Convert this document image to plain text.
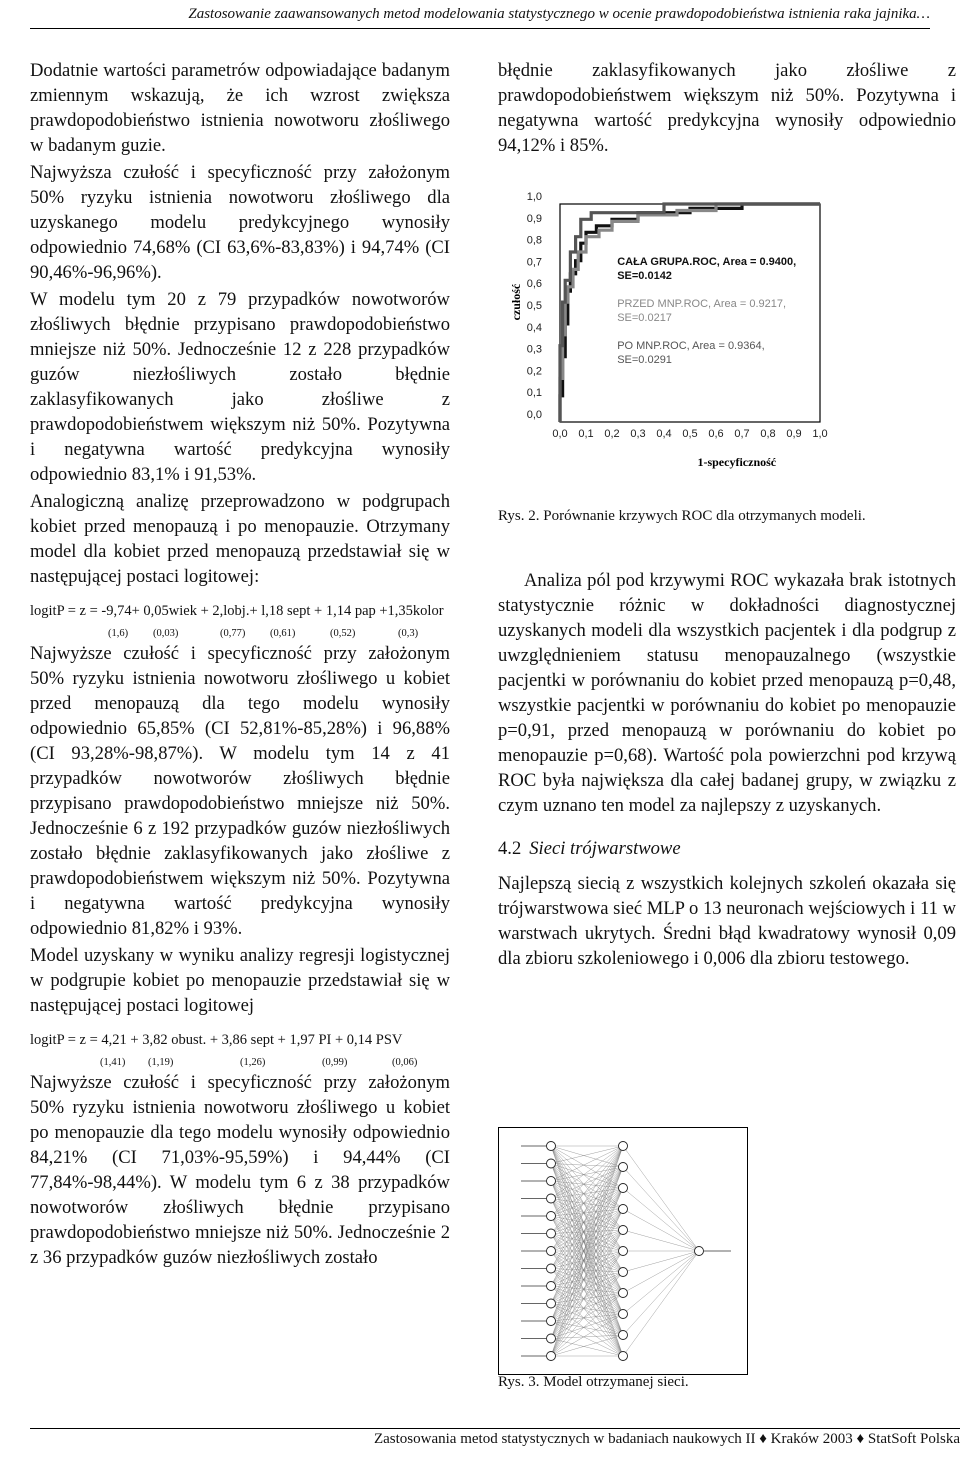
Zastosowanie zaawansowanych metod modelowania statystycznego w ocenie prawdopodobieństwa istnienia raka jajnika…

Dodatnie wartości parametrów odpowiadające badanym zmiennym wskazują, że ich wzrost zwiększa prawdopodobieństwo istnienia nowotworu złośliwego w badanym guzie.

Najwyższa czułość i specyficzność przy założonym 50% ryzyku istnienia nowotworu złośliwego dla uzyskanego modelu predykcyjnego wynosiły odpowiednio 74,68% (CI 63,6%-83,83%) i 94,74% (CI 90,46%-96,96%).

W modelu tym 20 z 79 przypadków nowotworów złośliwych błędnie przypisano prawdopodobieństwo mniejsze niż 50%. Jednocześnie 12 z 228 przypadków guzów niezłośliwych zostało błędnie zaklasyfikowanych jako złośliwe z prawdopodobieństwem większym niż 50%. Pozytywna i negatywna wartość predykcyjna wynosiły odpowiednio 83,1% i 91,53%.

Analogiczną analizę przeprowadzono w podgrupach kobiet przed menopauzą i po menopauzie. Otrzymany model dla kobiet przed menopauzą przedstawiał się w następującej postaci logitowej:

logitP = z = -9,74+ 0,05wiek + 2,lobj.+ l,18 sept + 1,14 pap +1,35kolor
(1,6) (0,03)	(0,77) (0,61)	(0,52)	(0,3)

Najwyższe czułość i specyficzność przy założonym 50% ryzyku istnienia nowotworu złośliwego u kobiet przed menopauzą dla tego modelu wynosiły odpowiednio 65,85% (CI 52,81%-85,28%) i 96,88% (CI 93,28%-98,87%). W modelu tym 14 z 41 przypadków nowotworów złośliwych błędnie przypisano prawdopodobieństwo mniejsze niż 50%. Jednocześnie 6 z 192 przypadków guzów niezłośliwych zostało błędnie zaklasyfikowanych jako złośliwe z prawdopodobieństwem większym niż 50%. Pozytywna i negatywna wartość predykcyjna wynosiły odpowiednio 81,82% i 93%.

Model uzyskany w wyniku analizy regresji logistycznej w podgrupie kobiet po menopauzie przedstawiał się w następującej postaci logitowej

logitP = z = 4,21 + 3,82 obust. + 3,86 sept + 1,97 PI + 0,14 PSV
(1,41) (1,19)	(1,26)	(0,99)	(0,06)

Najwyższe czułość i specyficzność przy założonym 50% ryzyku istnienia nowotworu złośliwego u kobiet po menopauzie dla tego modelu wynosiły odpowiednio 84,21% (CI 71,03%-95,59%) i 94,44% (CI 77,84%-98,44%). W modelu tym 6 z 38 przypadków nowotworów złośliwych błędnie przypisano prawdopodobieństwo mniejsze niż 50%. Jednocześnie 2 z 36 przypadków guzów niezłośliwych zostało

błędnie zaklasyfikowanych jako złośliwe z prawdopodobieństwem większym niż 50%. Pozytywna i negatywna wartość predykcyjna wynosiły odpowiednio 94,12% i 85%.

0,0
0,1
0,2
0,3
0,4
0,5
0,6
0,7
0,8
0,9
1,0
0,0 0,1 0,2 0,3 0,4 0,5 0,6 0,7 0,8 0,9 1,0
1-specyficzność
czułość
CAŁA GRUPA.ROC, Area = 0.9400,
SE=0.0142
PRZED MNP.ROC, Area = 0.9217,
SE=0.0217
PO MNP.ROC, Area = 0.9364,
SE=0.0291
Rys. 2. Porównanie krzywych ROC dla otrzymanych modeli.

Analiza pól pod krzywymi ROC wykazała brak istotnych statystycznie różnic w dokładności diagnostycznej uzyskanych modeli dla wszystkich pacjentek i dla podgrup z uwzględnieniem statusu menopauzalnego (wszystkie pacjentki w porównaniu do kobiet przed menopauzą p=0,48, wszystkie pacjentki w porównaniu do kobiet po menopauzie p=0,91, przed menopauzą w porównaniu do kobiet po menopauzie p=0,68). Wartość pola powierzchni pod krzywą ROC była największa dla całej badanej grupy, w związku z czym uznano ten model za najlepszy z uzyskanych.

4.2 Sieci trójwarstwowe

Najlepszą siecią z wszystkich kolejnych szkoleń okazała się trójwarstwowa sieć MLP o 13 neuronach wejściowych i 11 w warstwach ukrytych. Średni błąd kwadratowy wynosił 0,09 dla zbioru szkoleniowego i 0,006 dla zbioru testowego.

Rys. 3. Model otrzymanej sieci.
Zastosowania metod statystycznych w badaniach naukowych II ♦ Kraków 2003 ♦ StatSoft Polska
